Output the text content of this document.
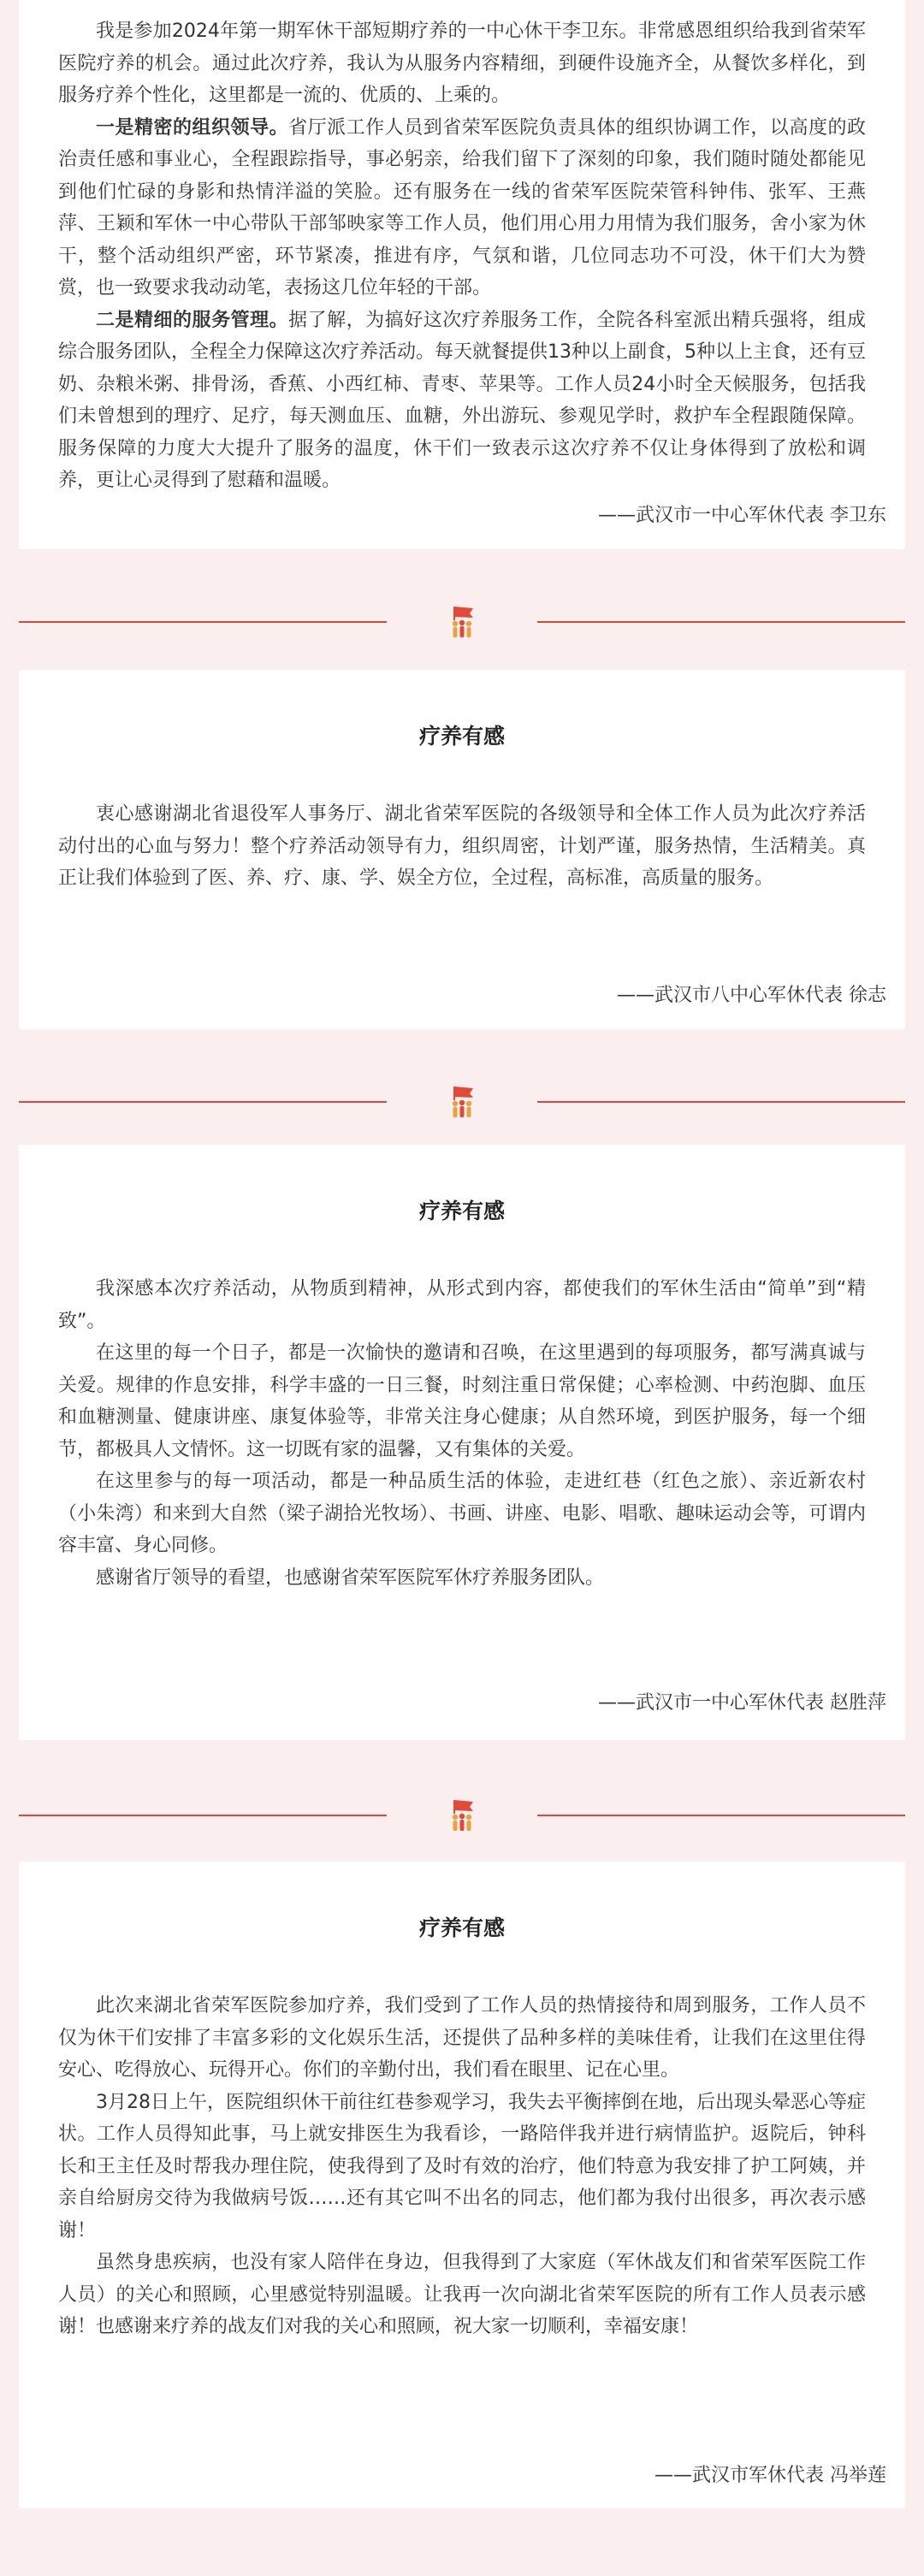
我是参加2024年第一期军休干部短期疗养的一中心休干李卫东。非常感恩组织给我到省荣军医院疗养的机会。通过此次疗养，我认为从服务内容精细，到硬件设施齐全，从餐饮多样化，到服务疗养个性化，这里都是一流的、优质的、上乘的。

一是精密的组织领导。省厅派工作人员到省荣军医院负责具体的组织协调工作，以高度的政治责任感和事业心，全程跟踪指导，事必躬亲，给我们留下了深刻的印象，我们随时随处都能见到他们忙碌的身影和热情洋溢的笑脸。还有服务在一线的省荣军医院荣管科钟伟、张军、王燕萍、王颖和军休一中心带队干部邹映家等工作人员，他们用心用力用情为我们服务，舍小家为休干，整个活动组织严密，环节紧凑，推进有序，气氛和谐，几位同志功不可没，休干们大为赞赏，也一致要求我动动笔，表扬这几位年轻的干部。

二是精细的服务管理。据了解，为搞好这次疗养服务工作，全院各科室派出精兵强将，组成综合服务团队，全程全力保障这次疗养活动。每天就餐提供13种以上副食，5种以上主食，还有豆奶、杂粮米粥、排骨汤，香蕉、小西红柿、青枣、苹果等。工作人员24小时全天候服务，包括我们未曾想到的理疗、足疗，每天测血压、血糖，外出游玩、参观见学时，救护车全程跟随保障。服务保障的力度大大提升了服务的温度，休干们一致表示这次疗养不仅让身体得到了放松和调养，更让心灵得到了慰藉和温暖。

——武汉市一中心军休代表 李卫东

疗养有感

衷心感谢湖北省退役军人事务厅、湖北省荣军医院的各级领导和全体工作人员为此次疗养活动付出的心血与努力！整个疗养活动领导有力，组织周密，计划严谨，服务热情，生活精美。真正让我们体验到了医、养、疗、康、学、娱全方位，全过程，高标准，高质量的服务。

——武汉市八中心军休代表 徐志

疗养有感

我深感本次疗养活动，从物质到精神，从形式到内容，都使我们的军休生活由“简单”到“精致”。

在这里的每一个日子，都是一次愉快的邀请和召唤，在这里遇到的每项服务，都写满真诚与关爱。规律的作息安排，科学丰盛的一日三餐，时刻注重日常保健；心率检测、中药泡脚、血压和血糖测量、健康讲座、康复体验等，非常关注身心健康；从自然环境，到医护服务，每一个细节，都极具人文情怀。这一切既有家的温馨，又有集体的关爱。

在这里参与的每一项活动，都是一种品质生活的体验，走进红巷（红色之旅）、亲近新农村（小朱湾）和来到大自然（梁子湖拾光牧场）、书画、讲座、电影、唱歌、趣味运动会等，可谓内容丰富、身心同修。

感谢省厅领导的看望，也感谢省荣军医院军休疗养服务团队。

——武汉市一中心军休代表 赵胜萍

疗养有感

此次来湖北省荣军医院参加疗养，我们受到了工作人员的热情接待和周到服务，工作人员不仅为休干们安排了丰富多彩的文化娱乐生活，还提供了品种多样的美味佳肴，让我们在这里住得安心、吃得放心、玩得开心。你们的辛勤付出，我们看在眼里、记在心里。

3月28日上午，医院组织休干前往红巷参观学习，我失去平衡摔倒在地，后出现头晕恶心等症状。工作人员得知此事，马上就安排医生为我看诊，一路陪伴我并进行病情监护。返院后，钟科长和王主任及时帮我办理住院，使我得到了及时有效的治疗，他们特意为我安排了护工阿姨，并亲自给厨房交待为我做病号饭……还有其它叫不出名的同志，他们都为我付出很多，再次表示感谢！

虽然身患疾病，也没有家人陪伴在身边，但我得到了大家庭（军休战友们和省荣军医院工作人员）的关心和照顾，心里感觉特别温暖。让我再一次向湖北省荣军医院的所有工作人员表示感谢！也感谢来疗养的战友们对我的关心和照顾，祝大家一切顺利，幸福安康！

——武汉市军休代表 冯举莲
